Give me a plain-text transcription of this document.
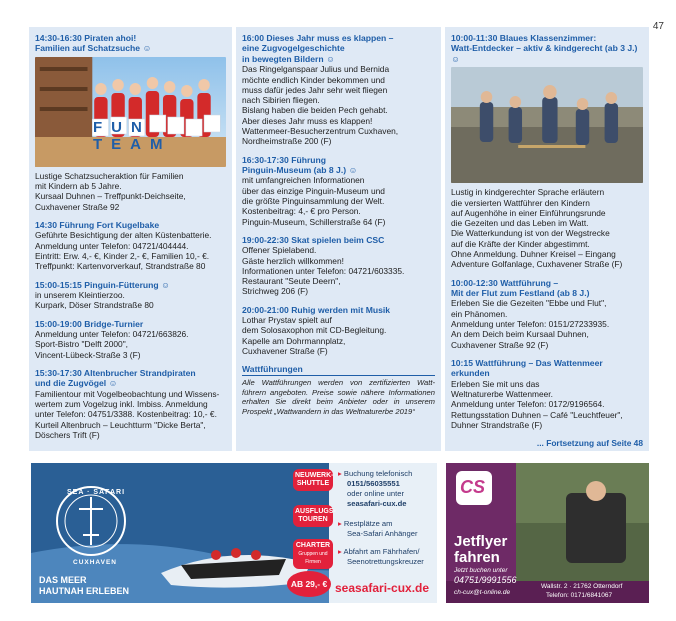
47
14:30-16:30 Piraten ahoi!
Familien auf Schatzsuche ☺
FUN TEAM
Lustige Schatzsucheraktion für Familien
mit Kindern ab 5 Jahre.
Kursaal Duhnen – Treffpunkt-Deichseite,
Cuxhavener Straße 92
14:30 Führung Fort Kugelbake
Geführte Besichtigung der alten Küstenbatterie.
Anmeldung unter Telefon: 04721/404444.
Eintritt: Erw. 4,- €, Kinder 2,- €, Familien 10,- €.
Treffpunkt: Kartenvorverkauf, Strandstraße 80
15:00-15:15 Pinguin-Fütterung ☺
in unserem Kleintierzoo.
Kurpark, Döser Strandstraße 80
15:00-19:00 Bridge-Turnier
Anmeldung unter Telefon: 04721/663826.
Sport-Bistro "Delft 2000",
Vincent-Lübeck-Straße 3 (F)
15:30-17:30 Altenbrucher Strandpiraten
und die Zugvögel ☺
Familientour mit Vogelbeobachtung und Wissens-
wertem zum Vogelzug inkl. Imbiss. Anmeldung
unter Telefon: 04751/3388. Kostenbeitrag: 10,- €.
Kurteil Altenbruch – Leuchtturm "Dicke Berta",
Döschers Trift (F)
16:00 Dieses Jahr muss es klappen –
eine Zugvogelgeschichte
in bewegten Bildern ☺
Das Ringelganspaar Julius und Bernida
möchte endlich Kinder bekommen und
muss dafür jedes Jahr sehr weit fliegen
nach Sibirien fliegen.
Bislang haben die beiden Pech gehabt.
Aber dieses Jahr muss es klappen!
Wattenmeer-Besucherzentrum Cuxhaven,
Nordheimstraße 200 (F)
16:30-17:30 Führung
Pinguin-Museum (ab 8 J.) ☺
mit umfangreichen Informationen
über das einzige Pinguin-Museum und
die größte Pinguinsammlung der Welt.
Kostenbeitrag: 4,- € pro Person.
Pinguin-Museum, Schillerstraße 64 (F)
19:00-22:30 Skat spielen beim CSC
Offener Spielabend.
Gäste herzlich willkommen!
Informationen unter Telefon: 04721/603335.
Restaurant "Seute Deern",
Strichweg 206 (F)
20:00-21:00 Ruhig werden mit Musik
Lothar Prystav spielt auf
dem Solosaxophon mit CD-Begleitung.
Kapelle am Dohrmannplatz,
Cuxhavener Straße (F)
Wattführungen
Alle Wattführungen werden von zertifizierten Watt-führern angeboten. Preise sowie nähere Informationen erhalten Sie direkt beim Anbieter oder in unserem Prospekt „Wattwandern in das Weltnaturerbe 2019“
10:00-11:30 Blaues Klassenzimmer:
Watt-Entdecker – aktiv & kindgerecht (ab 3 J.) ☺
Lustig in kindgerechter Sprache erläutern
die versierten Wattführer den Kindern
auf Augenhöhe in einer Einführungsrunde
die Gezeiten und das Leben im Watt.
Die Watterkundung ist von der Wegstrecke
auf die Kräfte der Kinder abgestimmt.
Ohne Anmeldung. Duhner Kreisel – Eingang
Adventure Golfanlage, Cuxhavener Straße (F)
10:00-12:30 Wattführung –
Mit der Flut zum Festland (ab 8 J.)
Erleben Sie die Gezeiten "Ebbe und Flut",
ein Phänomen.
Anmeldung unter Telefon: 0151/27233935.
An dem Deich beim Kursaal Duhnen,
Cuxhavener Straße 92 (F)
10:15 Wattführung – Das Wattenmeer erkunden
Erleben Sie mit uns das
Weltnaturerbe Wattenmeer.
Anmeldung unter Telefon: 0172/9196564.
Rettungsstation Duhnen – Café "Leuchtfeuer",
Duhner Strandstraße (F)
... Fortsetzung auf Seite 48
SEA · SAFARI
CUXHAVEN
DAS MEER
HAUTNAH ERLEBEN
NEUWERK-
SHUTTLE
AUSFLUGS-
TOUREN
CHARTER
Gruppen und Firmen
AB 29,- €
▸ Buchung telefonisch
0151/56035551
oder online unter
seasafari-cux.de
▸ Restplätze am
Sea-Safari Anhänger
▸ Abfahrt am Fährhafen/
Seenotrettungskreuzer
seasafari-cux.de
CS
Jetflyer
fahren
Jetzt buchen unter
04751/9991556
ch-cux@t-online.de
Wallstr. 2 · 21762 Otterndorf
Telefon: 0171/6841067
